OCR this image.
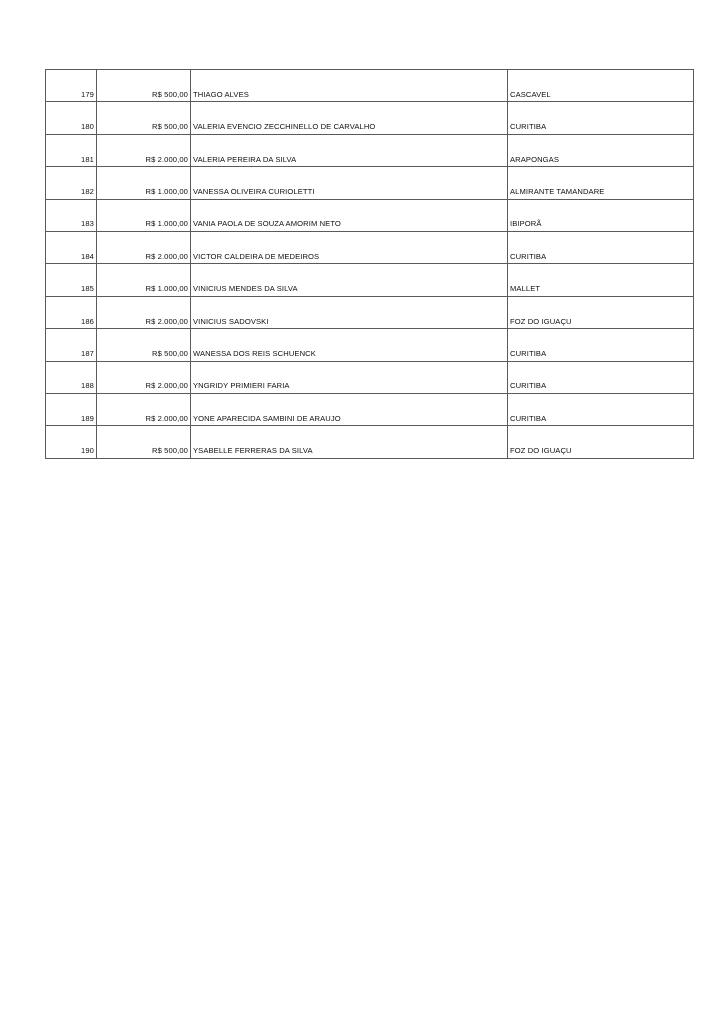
179	R$ 500,00	THIAGO ALVES	CASCAVEL
180	R$ 500,00	VALERIA EVENCIO ZECCHINELLO DE CARVALHO	CURITIBA
181	R$ 2.000,00	VALERIA PEREIRA DA SILVA	ARAPONGAS
182	R$ 1.000,00	VANESSA OLIVEIRA CURIOLETTI	ALMIRANTE TAMANDARE
183	R$ 1.000,00	VANIA PAOLA DE SOUZA AMORIM NETO	IBIPORÃ
184	R$ 2.000,00	VICTOR CALDEIRA DE MEDEIROS	CURITIBA
185	R$ 1.000,00	VINICIUS MENDES DA SILVA	MALLET
186	R$ 2.000,00	VINICIUS SADOVSKI	FOZ DO IGUAÇU
187	R$ 500,00	WANESSA DOS REIS SCHUENCK	CURITIBA
188	R$ 2.000,00	YNGRIDY PRIMIERI FARIA	CURITIBA
189	R$ 2.000,00	YONE APARECIDA SAMBINI DE ARAUJO	CURITIBA
190	R$ 500,00	YSABELLE FERRERAS DA SILVA	FOZ DO IGUAÇU
